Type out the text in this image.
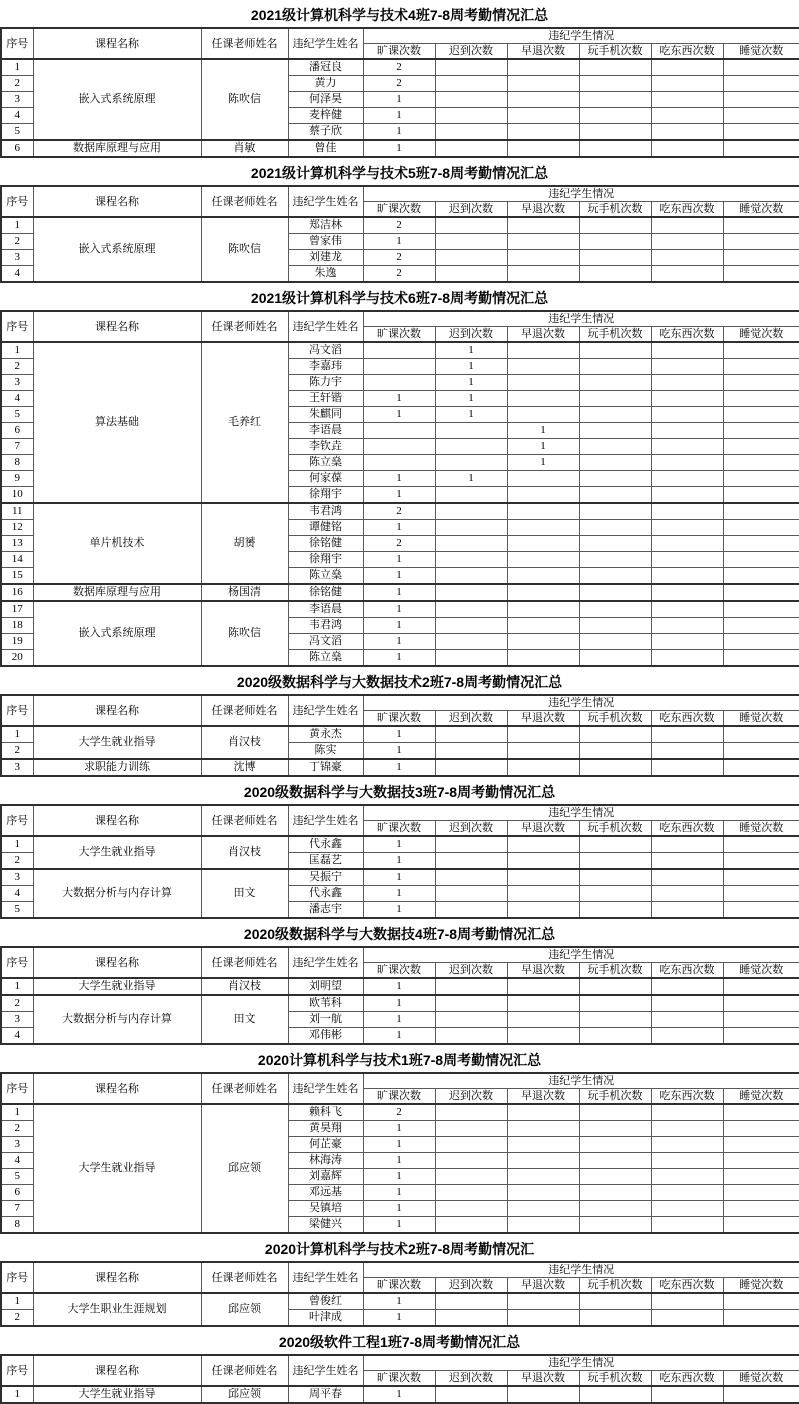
2021级计算机科学与技术4班7-8周考勤情况汇总
序号	课程名称	任课老师姓名	违纪学生姓名	违纪学生情况					
				旷课次数	迟到次数	早退次数	玩手机次数	吃东西次数	睡觉次数
1	嵌入式系统原理	陈吹信	潘冠良	2					
2			黄力	2					
3			何泽昊	1					
4			麦梓健	1					
5			蔡子欣	1					
6	数据库原理与应用	肖敏	曾佳	1					
2021级计算机科学与技术5班7-8周考勤情况汇总
序号	课程名称	任课老师姓名	违纪学生姓名	违纪学生情况					
				旷课次数	迟到次数	早退次数	玩手机次数	吃东西次数	睡觉次数
1	嵌入式系统原理	陈吹信	郑洁林	2					
2			曾家伟	1					
3			刘建龙	2					
4			朱逸	2					
2021级计算机科学与技术6班7-8周考勤情况汇总
序号	课程名称	任课老师姓名	违纪学生姓名	违纪学生情况					
				旷课次数	迟到次数	早退次数	玩手机次数	吃东西次数	睡觉次数
1	算法基础	毛养红	冯文滔		1				
2			李嘉玮		1				
3			陈力宇		1				
4			王轩锴	1	1				
5			朱麒同	1	1				
6			李语晨			1			
7			李钦垚			1			
8			陈立燊			1			
9			何家葆	1	1				
10			徐翔宇	1					
11	单片机技术	胡赟	韦君鸿	2					
12			谭健铭	1					
13			徐铭健	2					
14			徐翔宇	1					
15			陈立燊	1					
16	数据库原理与应用	杨国清	徐铭健	1					
17	嵌入式系统原理	陈吹信	李语晨	1					
18			韦君鸿	1					
19			冯文滔	1					
20			陈立燊	1					
2020级数据科学与大数据技术2班7-8周考勤情况汇总
序号	课程名称	任课老师姓名	违纪学生姓名	违纪学生情况					
				旷课次数	迟到次数	早退次数	玩手机次数	吃东西次数	睡觉次数
1	大学生就业指导	肖汉枝	黄永杰	1					
2			陈实	1					
3	求职能力训练	沈博	丁锦豪	1					
2020级数据科学与大数据技3班7-8周考勤情况汇总
序号	课程名称	任课老师姓名	违纪学生姓名	违纪学生情况					
				旷课次数	迟到次数	早退次数	玩手机次数	吃东西次数	睡觉次数
1	大学生就业指导	肖汉枝	代永鑫	1					
2			匡磊艺	1					
3	大数据分析与内存计算	田文	吴振宁	1					
4			代永鑫	1					
5			潘志宇	1					
2020级数据科学与大数据技4班7-8周考勤情况汇总
序号	课程名称	任课老师姓名	违纪学生姓名	违纪学生情况					
				旷课次数	迟到次数	早退次数	玩手机次数	吃东西次数	睡觉次数
1	大学生就业指导	肖汉枝	刘明望	1					
2	大数据分析与内存计算	田文	欧苇科	1					
3			刘一航	1					
4			邓伟彬	1					
2020计算机科学与技术1班7-8周考勤情况汇总
序号	课程名称	任课老师姓名	违纪学生姓名	违纪学生情况					
				旷课次数	迟到次数	早退次数	玩手机次数	吃东西次数	睡觉次数
1	大学生就业指导	邱应领	赖科飞	2					
2			黄昊翔	1					
3			何芷豪	1					
4			林海涛	1					
5			刘嘉辉	1					
6			邓远基	1					
7			吴镇培	1					
8			梁健兴	1					
2020计算机科学与技术2班7-8周考勤情况汇
序号	课程名称	任课老师姓名	违纪学生姓名	违纪学生情况					
				旷课次数	迟到次数	早退次数	玩手机次数	吃东西次数	睡觉次数
1	大学生职业生涯规划	邱应领	曾俊红	1					
2			叶津成	1					
2020级软件工程1班7-8周考勤情况汇总
序号	课程名称	任课老师姓名	违纪学生姓名	违纪学生情况					
				旷课次数	迟到次数	早退次数	玩手机次数	吃东西次数	睡觉次数
1	大学生就业指导	邱应领	周平春	1					
